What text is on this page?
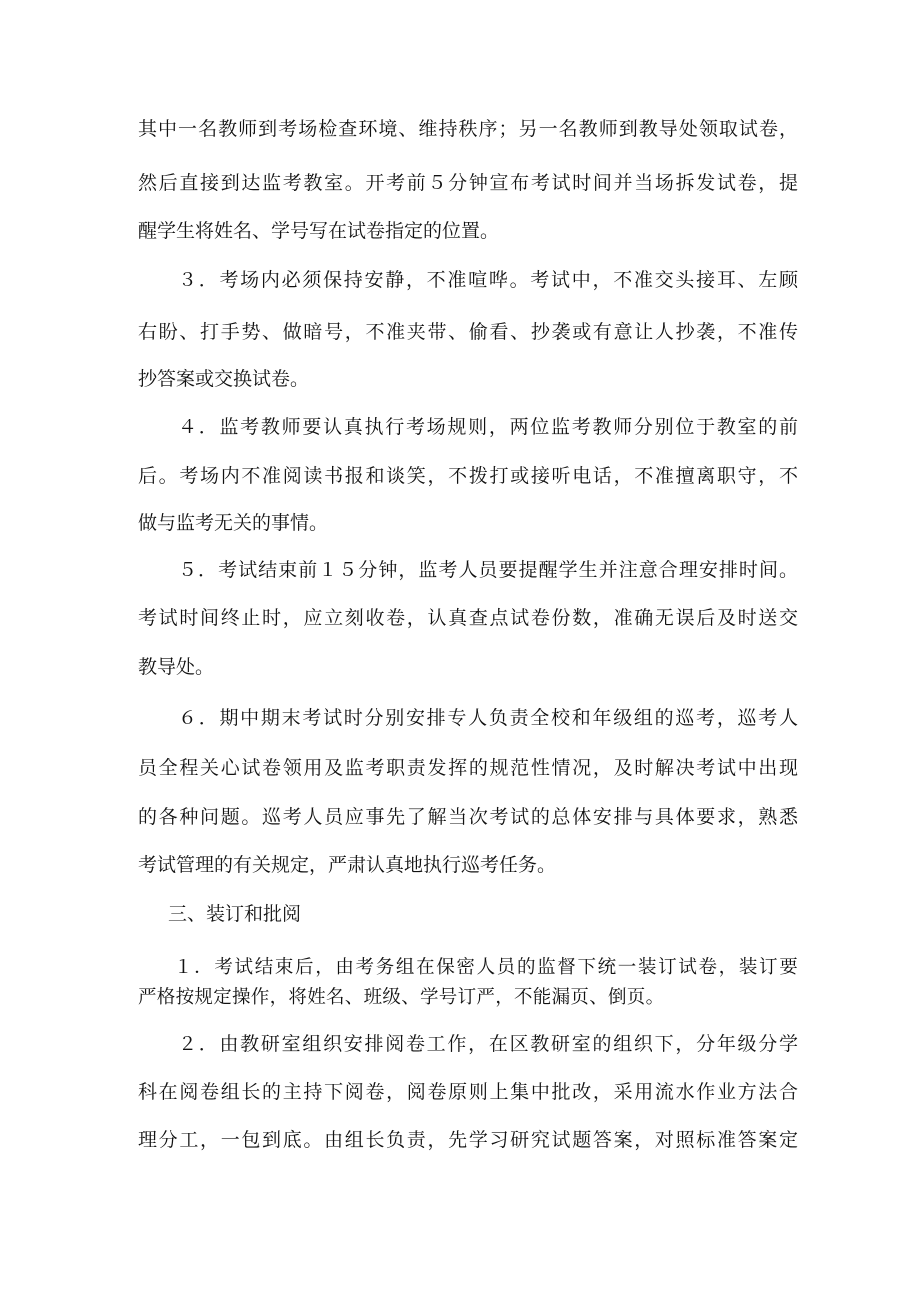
其中一名教师到考场检查环境、维持秩序；另一名教师到教导处领取试卷，
然后直接到达监考教室。开考前５分钟宣布考试时间并当场拆发试卷，提
醒学生将姓名、学号写在试卷指定的位置。
３．考场内必须保持安静，不准喧哗。考试中，不准交头接耳、左顾
右盼、打手势、做暗号，不准夹带、偷看、抄袭或有意让人抄袭，不准传
抄答案或交换试卷。
４．监考教师要认真执行考场规则，两位监考教师分别位于教室的前
后。考场内不准阅读书报和谈笑，不拨打或接听电话，不准擅离职守，不
做与监考无关的事情。
５．考试结束前１５分钟，监考人员要提醒学生并注意合理安排时间。
考试时间终止时，应立刻收卷，认真查点试卷份数，准确无误后及时送交
教导处。
６．期中期末考试时分别安排专人负责全校和年级组的巡考，巡考人
员全程关心试卷领用及监考职责发挥的规范性情况，及时解决考试中出现
的各种问题。巡考人员应事先了解当次考试的总体安排与具体要求，熟悉
考试管理的有关规定，严肃认真地执行巡考任务。
三、装订和批阅
１．考试结束后，由考务组在保密人员的监督下统一装订试卷，装订要
严格按规定操作，将姓名、班级、学号订严，不能漏页、倒页。
２．由教研室组织安排阅卷工作，在区教研室的组织下，分年级分学
科在阅卷组长的主持下阅卷，阅卷原则上集中批改，采用流水作业方法合
理分工，一包到底。由组长负责，先学习研究试题答案，对照标准答案定
